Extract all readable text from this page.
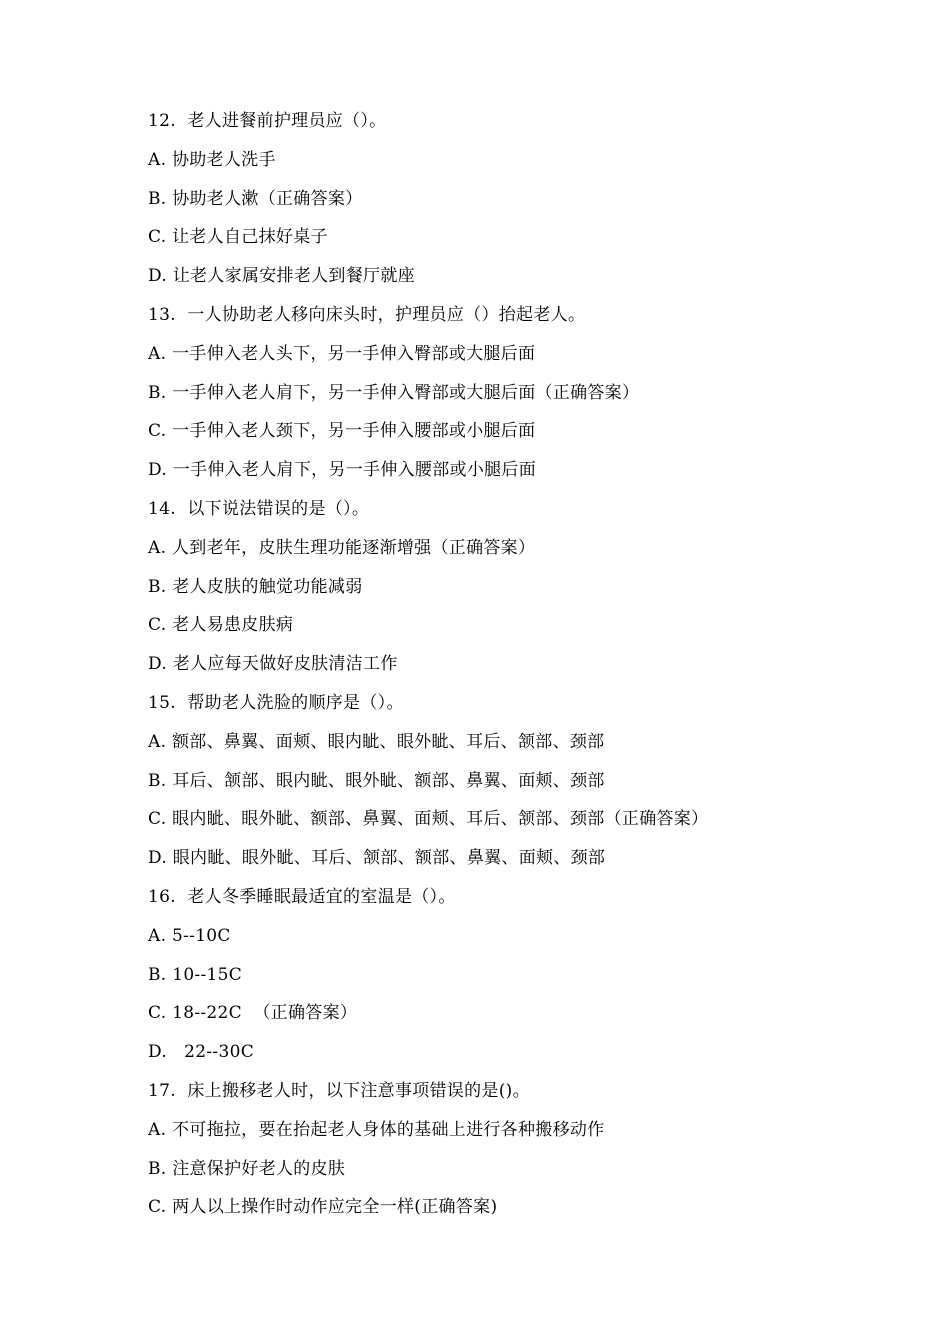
12.  老人进餐前护理员应（）。
A. 协助老人洗手
B. 协助老人漱（正确答案）
C. 让老人自己抹好桌子
D. 让老人家属安排老人到餐厅就座
13.  一人协助老人移向床头时，护理员应（）抬起老人。
A. 一手伸入老人头下，另一手伸入臀部或大腿后面
B. 一手伸入老人肩下，另一手伸入臀部或大腿后面（正确答案）
C. 一手伸入老人颈下，另一手伸入腰部或小腿后面
D. 一手伸入老人肩下，另一手伸入腰部或小腿后面
14.  以下说法错误的是（）。
A. 人到老年，皮肤生理功能逐渐增强（正确答案）
B. 老人皮肤的触觉功能减弱
C. 老人易患皮肤病
D. 老人应每天做好皮肤清洁工作
15.  帮助老人洗脸的顺序是（）。
A. 额部、鼻翼、面颊、眼内眦、眼外眦、耳后、颔部、颈部
B. 耳后、颔部、眼内眦、眼外眦、额部、鼻翼、面颊、颈部
C. 眼内眦、眼外眦、额部、鼻翼、面颊、耳后、颔部、颈部（正确答案）
D. 眼内眦、眼外眦、耳后、颔部、额部、鼻翼、面颊、颈部
16.  老人冬季睡眠最适宜的室温是（）。
A. 5--10C
B. 10--15C
C. 18--22C  （正确答案）
D.   22--30C
17.  床上搬移老人时，以下注意事项错误的是()。
A. 不可拖拉，要在抬起老人身体的基础上进行各种搬移动作
B. 注意保护好老人的皮肤
C. 两人以上操作时动作应完全一样(正确答案)
